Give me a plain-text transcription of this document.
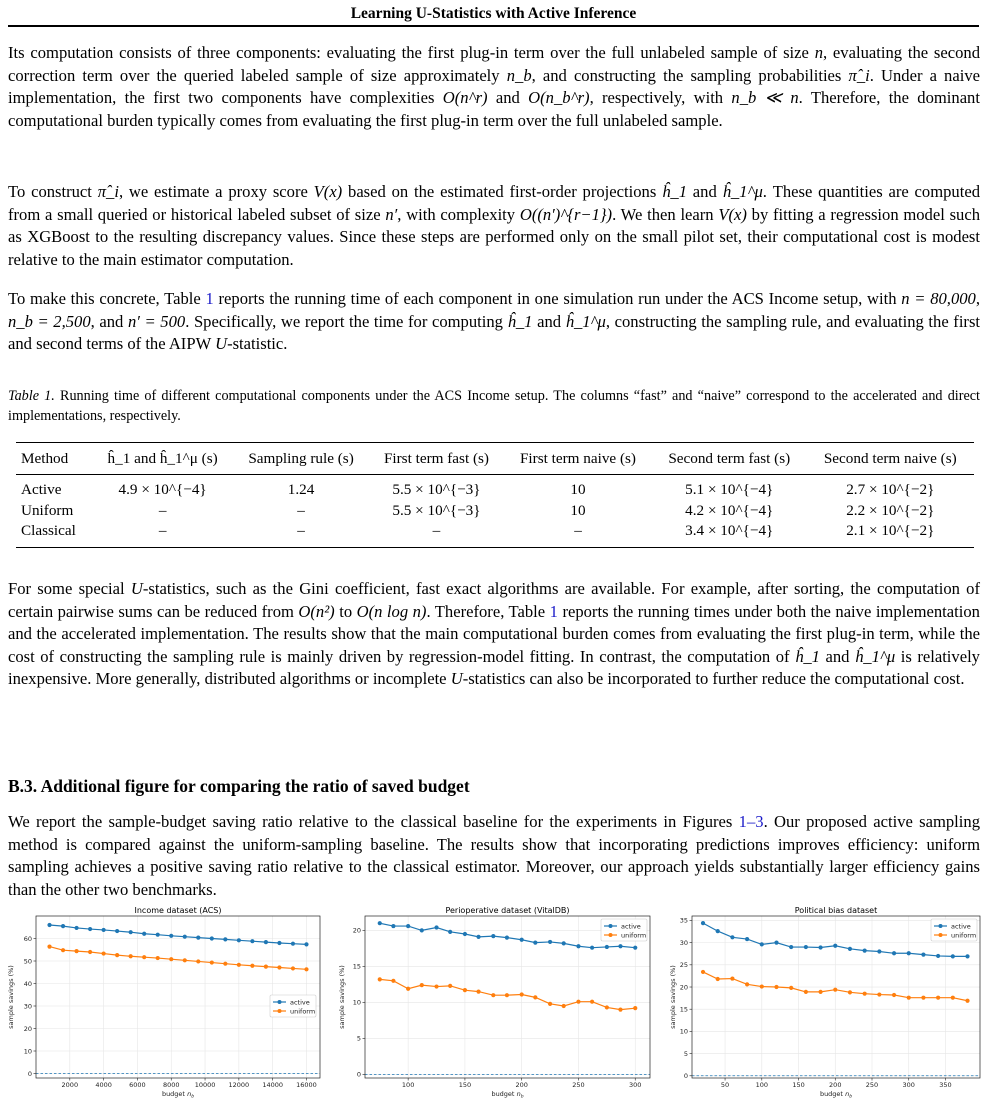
Learning U-Statistics with Active Inference

Its computation consists of three components: evaluating the first plug-in term over the full unlabeled sample of size n, evaluating the second correction term over the queried labeled sample of size approximately n_b, and constructing the sampling probabilities π̂_i. Under a naive implementation, the first two components have complexities O(n^r) and O(n_b^r), respectively, with n_b ≪ n. Therefore, the dominant computational burden typically comes from evaluating the first plug-in term over the full unlabeled sample.

To construct π̂_i, we estimate a proxy score V(x) based on the estimated first-order projections ĥ_1 and ĥ_1^μ. These quantities are computed from a small queried or historical labeled subset of size n′, with complexity O((n′)^{r−1}). We then learn V(x) by fitting a regression model such as XGBoost to the resulting discrepancy values. Since these steps are performed only on the small pilot set, their computational cost is modest relative to the main estimator computation.

To make this concrete, Table 1 reports the running time of each component in one simulation run under the ACS Income setup, with n = 80,000, n_b = 2,500, and n′ = 500. Specifically, we report the time for computing ĥ_1 and ĥ_1^μ, constructing the sampling rule, and evaluating the first and second terms of the AIPW U-statistic.

Table 1. Running time of different computational components under the ACS Income setup. The columns “fast” and “naive” correspond to the accelerated and direct implementations, respectively.

Method	ĥ_1 and ĥ_1^μ (s)	Sampling rule (s)	First term fast (s)	First term naive (s)	Second term fast (s)	Second term naive (s)
Active	4.9 × 10^{−4}	1.24	5.5 × 10^{−3}	10	5.1 × 10^{−4}	2.7 × 10^{−2}
Uniform	–	–	5.5 × 10^{−3}	10	4.2 × 10^{−4}	2.2 × 10^{−2}
Classical	–	–	–	–	3.4 × 10^{−4}	2.1 × 10^{−2}

For some special U-statistics, such as the Gini coefficient, fast exact algorithms are available. For example, after sorting, the computation of certain pairwise sums can be reduced from O(n²) to O(n log n). Therefore, Table 1 reports the running times under both the naive implementation and the accelerated implementation. The results show that the main computational burden comes from evaluating the first plug-in term, while the cost of constructing the sampling rule is mainly driven by regression-model fitting. In contrast, the computation of ĥ_1 and ĥ_1^μ is relatively inexpensive. More generally, distributed algorithms or incomplete U-statistics can also be incorporated to further reduce the computational cost.

B.3. Additional figure for comparing the ratio of saved budget

We report the sample-budget saving ratio relative to the classical baseline for the experiments in Figures 1–3. Our proposed active sampling method is compared against the uniform-sampling baseline. The results show that incorporating predictions improves efficiency: uniform sampling achieves a positive saving ratio relative to the classical estimator. Moreover, our approach yields substantially larger efficiency gains than the other two benchmarks.

Income dataset (ACS)
2000	4000	6000	8000 10000 12000 14000 16000
0
10
20
30
40
50
60
budget $n_b$
sample savings (%)	active
uniform
Perioperative dataset (VitalDB)
100	150	200	250	300
0
5
10
15
20
budget $n_b$
sample savings (%)
active
uniform
Political bias dataset
50	100	150	200	250	300	350
0
5
10
15
20
25
30
35
budget $n_b$
sample savings (%)
active
uniform
